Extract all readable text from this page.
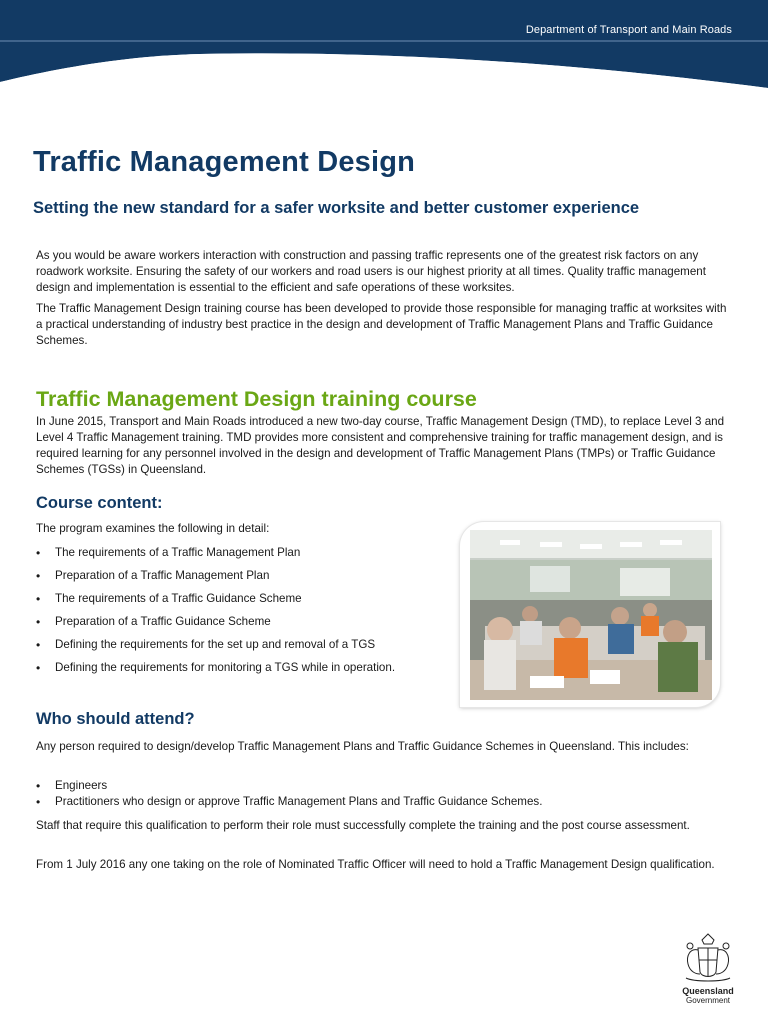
Department of Transport and Main Roads
Traffic Management Design
Setting the new standard for a safer worksite and better customer experience

As you would be aware workers interaction with construction and passing traffic represents one of the greatest risk factors on any roadwork worksite. Ensuring the safety of our workers and road users is our highest priority at all times. Quality traffic management design and implementation is essential to the efficient and safe operations of these worksites.

The Traffic Management Design training course has been developed to provide those responsible for managing traffic at worksites with a practical understanding of industry best practice in the design and development of Traffic Management Plans and Traffic Guidance Schemes.

Traffic Management Design training course

In June 2015, Transport and Main Roads introduced a new two-day course, Traffic Management Design (TMD), to replace Level 3 and Level 4 Traffic Management training. TMD provides more consistent and comprehensive training for traffic management design, and is required learning for any personnel involved in the design and development of Traffic Management Plans (TMPs) or Traffic Guidance Schemes (TGSs) in Queensland.

Course content:

The program examines the following in detail:

• The requirements of a Traffic Management Plan
• Preparation of a Traffic Management Plan
• The requirements of a Traffic Guidance Scheme
• Preparation of a Traffic Guidance Scheme
• Defining the requirements for the set up and removal of a TGS
• Defining the requirements for monitoring a TGS while in operation.
Who should attend?

Any person required to design/develop Traffic Management Plans and Traffic Guidance Schemes in Queensland. This includes:

• Engineers
• Practitioners who design or approve Traffic Management Plans and Traffic Guidance Schemes.

Staff that require this qualification to perform their role must successfully complete the training and the post course assessment.

From 1 July 2016 any one taking on the role of Nominated Traffic Officer will need to hold a Traffic Management Design qualification.

Queensland
Government
